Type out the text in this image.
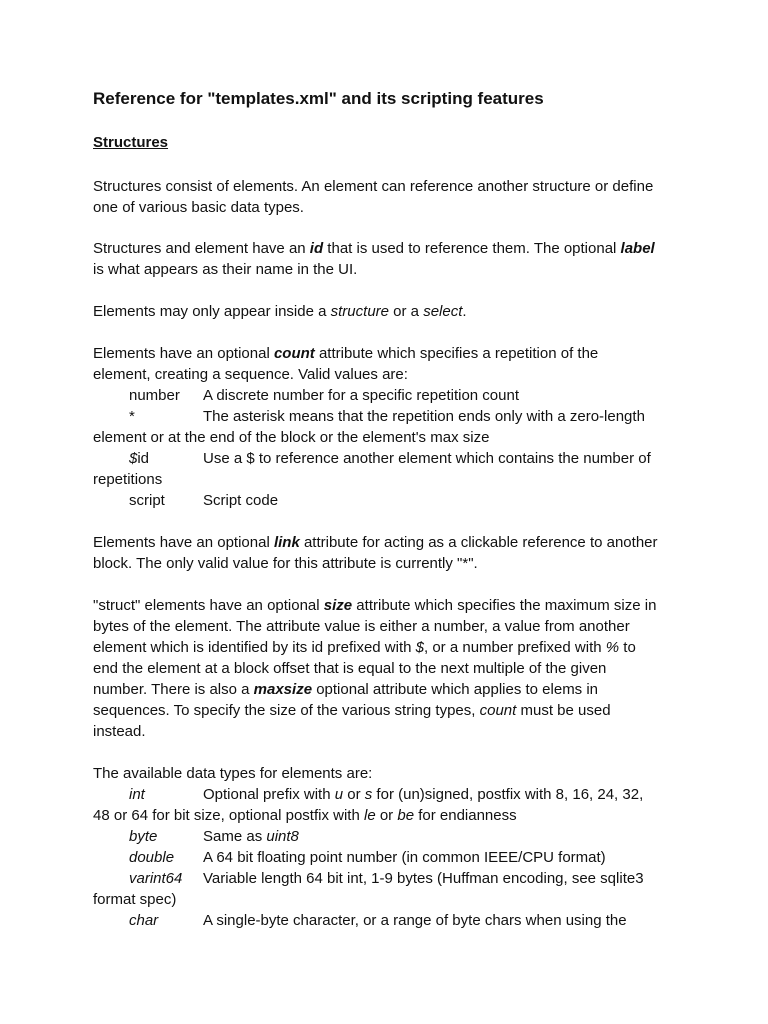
Reference for "templates.xml" and its scripting features
Structures
Structures consist of elements. An element can reference another structure or define
one of various basic data types.
Structures and element have an id that is used to reference them. The optional label
is what appears as their name in the UI.
Elements may only appear inside a structure or a select.
Elements have an optional count attribute which specifies a repetition of the
element, creating a sequence. Valid values are:
number A discrete number for a specific repetition count
*	The asterisk means that the repetition ends only with a zero-length
element or at the end of the block or the element's max size
$id	Use a $ to reference another element which contains the number of
repetitions
script	Script code
Elements have an optional link attribute for acting as a clickable reference to another
block. The only valid value for this attribute is currently "*".
"struct" elements have an optional size attribute which specifies the maximum size in
bytes of the element. The attribute value is either a number, a value from another
element which is identified by its id prefixed with $, or a number prefixed with % to
end the element at a block offset that is equal to the next multiple of the given
number. There is also a maxsize optional attribute which applies to elems in
sequences. To specify the size of the various string types, count must be used
instead.
The available data types for elements are:
int	Optional prefix with u or s for (un)signed, postfix with 8, 16, 24, 32,
48 or 64 for bit size, optional postfix with le or be for endianness
byte	Same as uint8
double A 64 bit floating point number (in common IEEE/CPU format)
varint64 Variable length 64 bit int, 1-9 bytes (Huffman encoding, see sqlite3
format spec)
char	A single-byte character, or a range of byte chars when using the
